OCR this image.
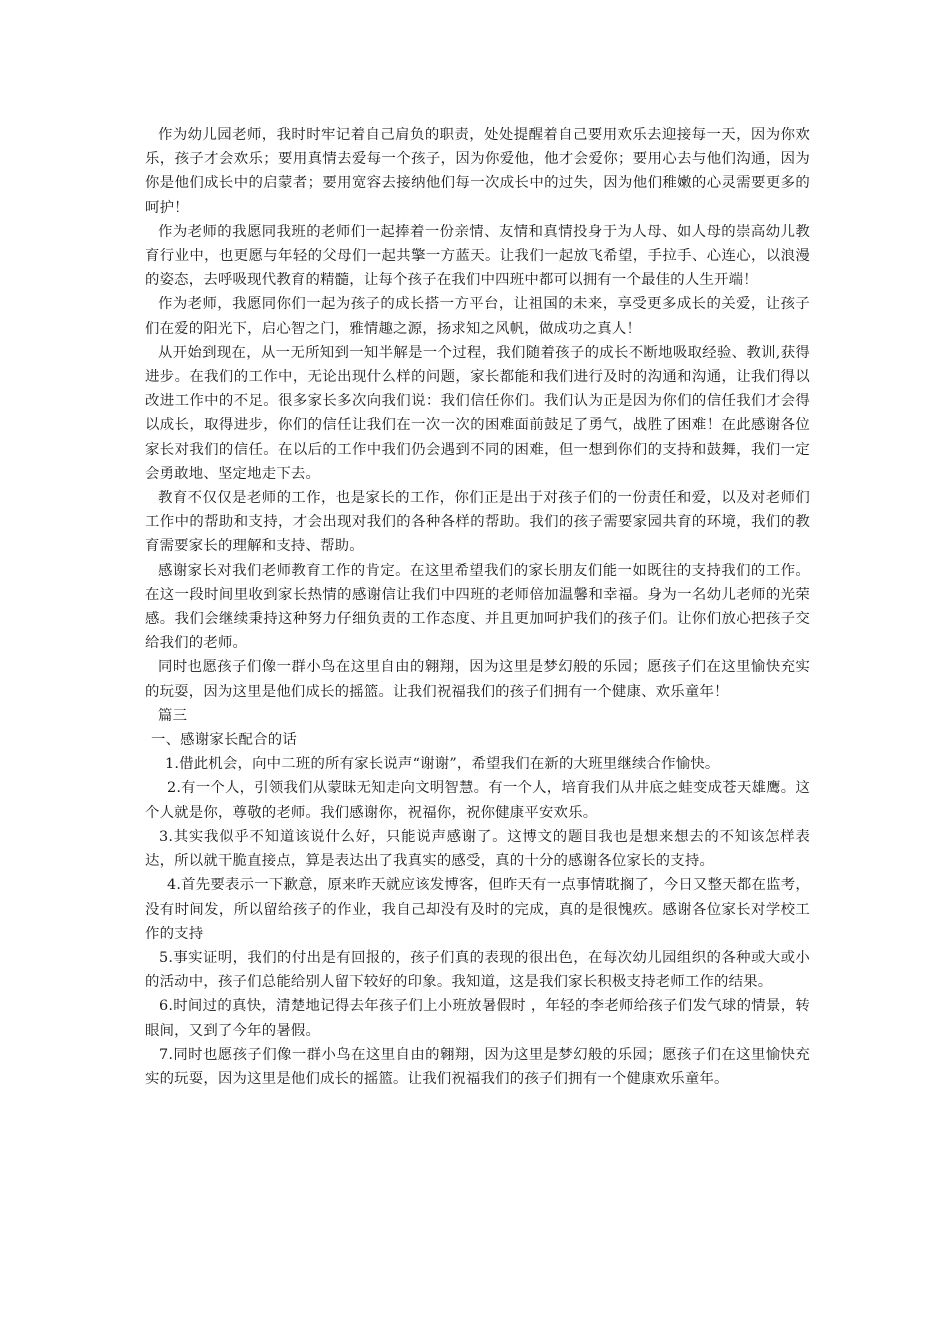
作为幼儿园老师，我时时牢记着自己肩负的职责，处处提醒着自己要用欢乐去迎接每一天，因为你欢乐，孩子才会欢乐；要用真情去爱每一个孩子，因为你爱他，他才会爱你；要用心去与他们沟通，因为你是他们成长中的启蒙者；要用宽容去接纳他们每一次成长中的过失，因为他们稚嫩的心灵需要更多的呵护！

作为老师的我愿同我班的老师们一起捧着一份亲情、友情和真情投身于为人母、如人母的崇高幼儿教育行业中，也更愿与年轻的父母们一起共擎一方蓝天。让我们一起放飞希望，手拉手、心连心，以浪漫的姿态，去呼吸现代教育的精髓，让每个孩子在我们中四班中都可以拥有一个最佳的人生开端！

作为老师，我愿同你们一起为孩子的成长搭一方平台，让祖国的未来，享受更多成长的关爱，让孩子们在爱的阳光下，启心智之门，雅情趣之源，扬求知之风帆，做成功之真人！

从开始到现在，从一无所知到一知半解是一个过程，我们随着孩子的成长不断地吸取经验、教训,获得进步。在我们的工作中，无论出现什么样的问题，家长都能和我们进行及时的沟通和沟通，让我们得以改进工作中的不足。很多家长多次向我们说：我们信任你们。我们认为正是因为你们的信任我们才会得以成长，取得进步，你们的信任让我们在一次一次的困难面前鼓足了勇气，战胜了困难！在此感谢各位家长对我们的信任。在以后的工作中我们仍会遇到不同的困难，但一想到你们的支持和鼓舞，我们一定会勇敢地、坚定地走下去。

教育不仅仅是老师的工作，也是家长的工作，你们正是出于对孩子们的一份责任和爱，以及对老师们工作中的帮助和支持，才会出现对我们的各种各样的帮助。我们的孩子需要家园共育的环境，我们的教育需要家长的理解和支持、帮助。

感谢家长对我们老师教育工作的肯定。在这里希望我们的家长朋友们能一如既往的支持我们的工作。在这一段时间里收到家长热情的感谢信让我们中四班的老师倍加温馨和幸福。身为一名幼儿老师的光荣感。我们会继续秉持这种努力仔细负责的工作态度、并且更加呵护我们的孩子们。让你们放心把孩子交给我们的老师。

同时也愿孩子们像一群小鸟在这里自由的翱翔，因为这里是梦幻般的乐园；愿孩子们在这里愉快充实的玩耍，因为这里是他们成长的摇篮。让我们祝福我们的孩子们拥有一个健康、欢乐童年！

篇三

一、感谢家长配合的话

1.借此机会，向中二班的所有家长说声“谢谢”，希望我们在新的大班里继续合作愉快。

2.有一个人，引领我们从蒙昧无知走向文明智慧。有一个人，培育我们从井底之蛙变成苍天雄鹰。这个人就是你，尊敬的老师。我们感谢你，祝福你，祝你健康平安欢乐。

3.其实我似乎不知道该说什么好，只能说声感谢了。这博文的题目我也是想来想去的不知该怎样表达，所以就干脆直接点，算是表达出了我真实的感受，真的十分的感谢各位家长的支持。

4.首先要表示一下歉意，原来昨天就应该发博客，但昨天有一点事情耽搁了，今日又整天都在监考，没有时间发，所以留给孩子的作业，我自己却没有及时的完成，真的是很愧疚。感谢各位家长对学校工作的支持

5.事实证明，我们的付出是有回报的，孩子们真的表现的很出色，在每次幼儿园组织的各种或大或小的活动中，孩子们总能给别人留下较好的印象。我知道，这是我们家长积极支持老师工作的结果。

6.时间过的真快，清楚地记得去年孩子们上小班放暑假时 ，年轻的李老师给孩子们发气球的情景，转眼间，又到了今年的暑假。

7.同时也愿孩子们像一群小鸟在这里自由的翱翔，因为这里是梦幻般的乐园；愿孩子们在这里愉快充实的玩耍，因为这里是他们成长的摇篮。让我们祝福我们的孩子们拥有一个健康欢乐童年。
